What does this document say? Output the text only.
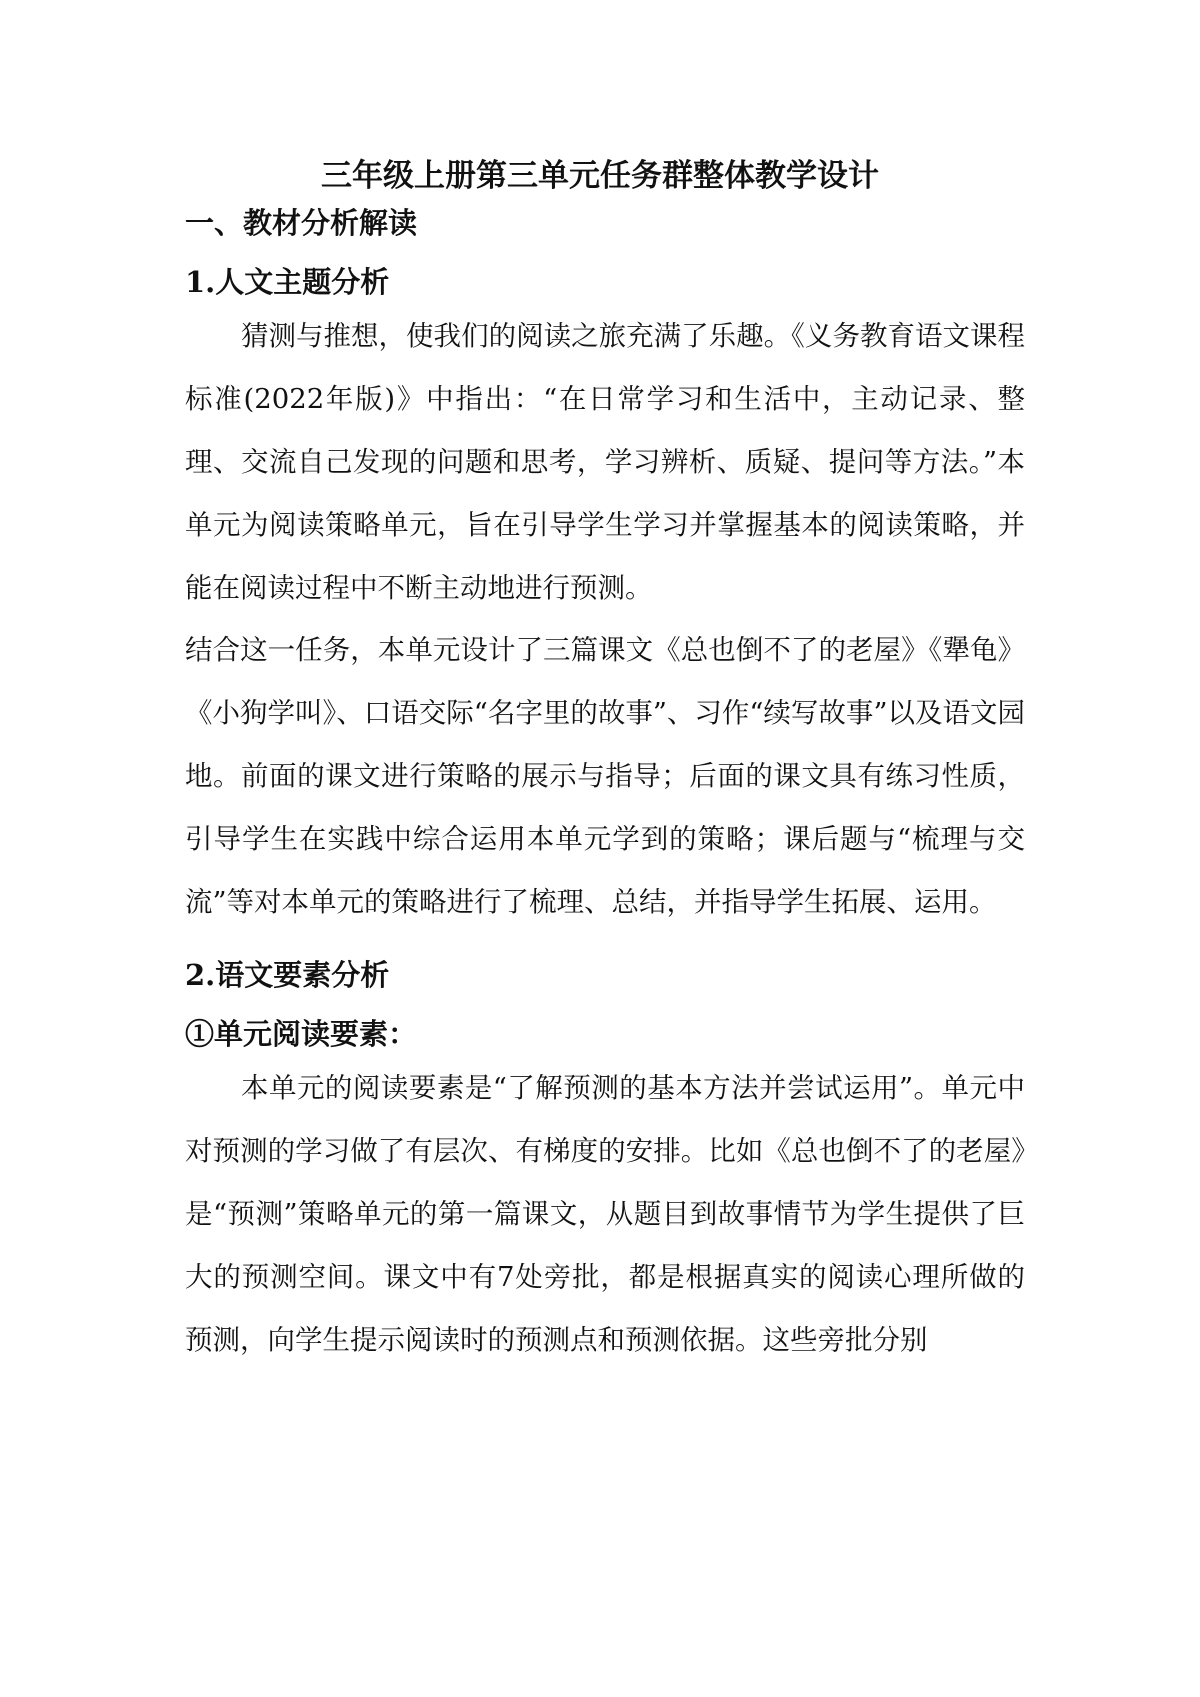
三年级上册第三单元任务群整体教学设计
一、教材分析解读
1.人文主题分析

猜测与推想，使我们的阅读之旅充满了乐趣。《义务教育语文课程标准(2022年版)》中指出：“在日常学习和生活中，主动记录、整理、交流自己发现的问题和思考，学习辨析、质疑、提问等方法。”本单元为阅读策略单元，旨在引导学生学习并掌握基本的阅读策略，并能在阅读过程中不断主动地进行预测。

结合这一任务，本单元设计了三篇课文《总也倒不了的老屋》《犟龟》《小狗学叫》、口语交际“名字里的故事”、习作“续写故事”以及语文园地。前面的课文进行策略的展示与指导；后面的课文具有练习性质，引导学生在实践中综合运用本单元学到的策略；课后题与“梳理与交流”等对本单元的策略进行了梳理、总结，并指导学生拓展、运用。

2.语文要素分析
①单元阅读要素：

本单元的阅读要素是“了解预测的基本方法并尝试运用”。单元中对预测的学习做了有层次、有梯度的安排。比如《总也倒不了的老屋》是“预测”策略单元的第一篇课文，从题目到故事情节为学生提供了巨大的预测空间。课文中有7处旁批，都是根据真实的阅读心理所做的预测，向学生提示阅读时的预测点和预测依据。这些旁批分别
